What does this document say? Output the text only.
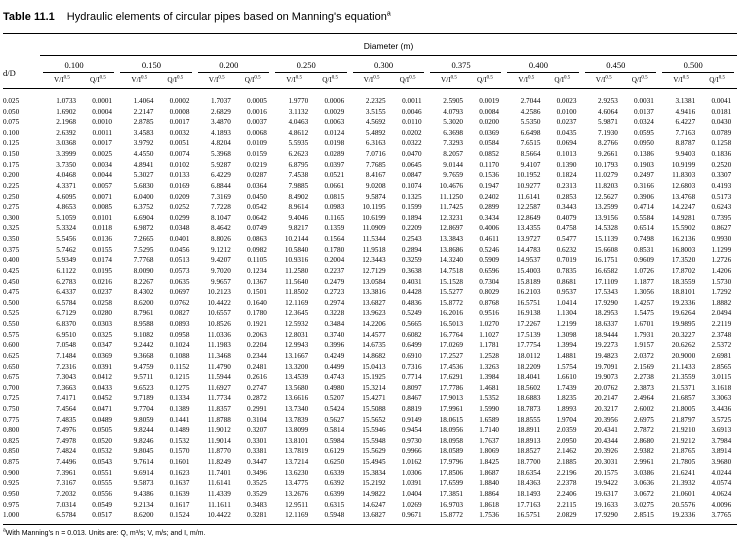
Table 11.1 Hydraulic elements of circular pipes based on Manning's equation$^a$
Diameter (m)
d/D
0.100
$V/I^{0.5}$	$Q/I^{0.5}$
0.150
$V/I^{0.5}$	$Q/I^{0.5}$
0.200
$V/I^{0.5}$	$Q/I^{0.5}$
0.250
$V/I^{0.5}$	$Q/I^{0.5}$
0.300
$V/I^{0.5}$	$Q/I^{0.5}$
0.375
$V/I^{0.5}$	$Q/I^{0.5}$
0.400
$V/I^{0.5}$	$Q/I^{0.5}$
0.450
$V/I^{0.5}$	$Q/I^{0.5}$
0.500
$V/I^{0.5}$	$Q/I^{0.5}$
0.025	1.0733 0.0001	1.4064 0.0002	1.7037 0.0005	1.9770 0.0006	2.2325 0.0011	2.5905 0.0019	2.7044 0.0023	2.9253 0.0031	3.1381 0.0041
0.050	1.6902 0.0004	2.2147 0.0008	2.6829 0.0016	3.1132 0.0029	3.5155 0.0046	4.0793 0.0084	4.2586 0.0100	4.6064 0.0137	4.9416 0.0181
0.075	2.1968 0.0010	2.8785 0.0017	3.4870 0.0037	4.0463 0.0063	4.5692 0.0110	5.3020 0.0200	5.5350 0.0237	5.9871 0.0324	6.4227 0.0430
0.100	2.6392 0.0011	3.4583 0.0032	4.1893 0.0068	4.8612 0.0124	5.4892 0.0202	6.3698 0.0369	6.6498 0.0435	7.1930 0.0595	7.7163 0.0789
0.125	3.0368 0.0017	3.9792 0.0051	4.8204 0.0109	5.5935 0.0198	6.3163 0.0322	7.3293 0.0584	7.6515 0.0694	8.2766 0.0950	8.8787 0.1258
0.150	3.3999 0.0025	4.4550 0.0074	5.3968 0.0159	6.2623 0.0289	7.0716 0.0470	8.2057 0.0852	8.5664 0.1013	9.2661 0.1386	9.9403 0.1836
0.175	3.7350 0.0034	4.8941 0.0102	5.9287 0.0219	6.8795 0.0397	7.7685 0.0645	9.0144 0.1170	9.4107 0.1390	10.1793 0.1903	10.9199 0.2520
0.200	4.0468 0.0044	5.3027 0.0133	6.4229 0.0287	7.4538 0.0521	8.4167 0.0847	9.7659 0.1536	10.1952 0.1824	11.0279 0.2497	11.8303 0.3307
0.225	4.3371 0.0057	5.6830 0.0169	6.8844 0.0364	7.9885 0.0661	9.0208 0.1074	10.4676 0.1947	10.9277 0.2313	11.8203 0.3166	12.6803 0.4193
0.250	4.6095 0.0071	6.0400 0.0209	7.3169 0.0450	8.4902 0.0815	9.5874 0.1325	11.1250 0.2402	11.6141 0.2853	12.5627 0.3906	13.4768 0.5173
0.275	4.8653 0.0085	6.3752 0.0252	7.7228 0.0542	8.9614 0.0983	10.1195 0.1599	11.7425 0.2899	12.2587 0.3443	13.2599 0.4714	14.2247 0.6243
0.300	5.1059 0.0101	6.6904 0.0299	8.1047 0.0642	9.4046 0.1165	10.6199 0.1894	12.3231 0.3434	12.8649 0.4079	13.9156 0.5584	14.9281 0.7395
0.325	5.3324 0.0118	6.9872 0.0348	8.4642 0.0749	9.8217 0.1359	11.0909 0.2209	12.8697 0.4006	13.4355 0.4758	14.5328 0.6514	15.5902 0.8627
0.350	5.5456 0.0136	7.2665 0.0401	8.8026 0.0863	10.2144 0.1564	11.5344 0.2543	13.3843 0.4611	13.9727 0.5477	15.1139 0.7498	16.2136 0.9930
0.375	5.7462 0.0155	7.5295 0.0456	9.1212 0.0982	10.5840 0.1780	11.9518 0.2894	13.8686 0.5246	14.4783 0.6232	15.6608 0.8531	16.8003 1.1299
0.400	5.9349 0.0174	7.7768 0.0513	9.4207 0.1105	10.9316 0.2004	12.3443 0.3259	14.3240 0.5909	14.9537 0.7019	16.1751 0.9609	17.3520 1.2726
0.425	6.1122 0.0195	8.0090 0.0573	9.7020 0.1234	11.2580 0.2237	12.7129 0.3638	14.7518 0.6596	15.4003 0.7835	16.6582 1.0726	17.8702 1.4206
0.450	6.2783 0.0216	8.2267 0.0635	9.9657 0.1367	11.5640 0.2479	13.0584 0.4031	15.1528 0.7304	15.8189 0.8681	17.1109 1.1877	18.3559 1.5730
0.475	6.4337 0.0237	8.4302 0.0697	10.2123 0.1501	11.8502 0.2723	13.3816 0.4428	15.5277 0.8029	16.2103 0.9537	17.5343 1.3056	18.8101 1.7292
0.500	6.5784 0.0258	8.6200 0.0762	10.4422 0.1640	12.1169 0.2974	13.6827 0.4836	15.8772 0.8768	16.5751 1.0414	17.9290 1.4257	19.2336 1.8882
0.525	6.7129 0.0280	8.7961 0.0827	10.6557 0.1780	12.3645 0.3228	13.9623 0.5249	16.2016 0.9516	16.9138 1.1304	18.2953 1.5475	19.6264 2.0494
0.550	6.8370 0.0303	8.9588 0.0893	10.8526 0.1921	12.5932 0.3484	14.2206 0.5665	16.5013 1.0270	17.2267 1.2199	18.6337 1.6701	19.9895 2.2119
0.575	6.9510 0.0325	9.1082 0.0958	11.0336 0.2063	12.8031 0.3740	14.4577 0.6082	16.7764 1.1027	17.5139 1.3098	18.9444 1.7931	20.3227 2.3748
0.600	7.0548 0.0347	9.2442 0.1024	11.1983 0.2204	12.9943 0.3996	14.6735 0.6499	17.0269 1.1781	17.7754 1.3994	19.2273 1.9157	20.6262 2.5372
0.625	7.1484 0.0369	9.3668 0.1088	11.3468 0.2344	13.1667 0.4249	14.8682 0.6910	17.2527 1.2528	18.0112 1.4881	19.4823 2.0372	20.9000 2.6981
0.650	7.2316 0.0391	9.4759 0.1152	11.4790 0.2481	13.3200 0.4499	15.0413 0.7316	17.4536 1.3263	18.2209 1.5754	19.7091 2.1569	21.1433 2.8565
0.675	7.3043 0.0412	9.5711 0.1215	11.5944 0.2616	13.4539 0.4743	15.1925 0.7714	17.6291 1.3984	18.4041 1.6610	19.9073 2.2738	21.3559 3.0115
0.700	7.3663 0.0433	9.6523 0.1275	11.6927 0.2747	13.5680 0.4980	15.3214 0.8097	17.7786 1.4681	18.5602 1.7439	20.0762 2.3873	21.5371 3.1618
0.725	7.4171 0.0452	9.7189 0.1334	11.7734 0.2872	13.6616 0.5207	15.4271 0.8467	17.9013 1.5352	18.6883 1.8235	20.2147 2.4964	21.6857 3.3063
0.750	7.4564 0.0471	9.7704 0.1389	11.8357 0.2991	13.7340 0.5424	15.5088 0.8819	17.9961 1.5990	18.7873 1.8993	20.3217 2.6002	21.8005 3.4436
0.775	7.4835 0.0489	9.8059 0.1441	11.8788 0.3104	13.7839 0.5627	15.5652 0.9149	18.0615 1.6589	18.8555 1.9704	20.3956 2.6975	21.8797 3.5725
0.800	7.4976 0.0505	9.8244 0.1489	11.9012 0.3207	13.8099 0.5814	15.5946 0.9454	18.0956 1.7140	18.8911 2.0359	20.4341 2.7872	21.9210 3.6913
0.825	7.4978 0.0520	9.8246 0.1532	11.9014 0.3301	13.8101 0.5984	15.5948 0.9730	18.0958 1.7637	18.8913 2.0950	20.4344 2.8680	21.9212 3.7984
0.850	7.4824 0.0532	9.8045 0.1570	11.8770 0.3381	13.7819 0.6129	15.5629 0.9966	18.0589 1.8069	18.8527 2.1462	20.3926 2.9382	21.8765 3.8914
0.875	7.4496 0.0543	9.7614 0.1601	11.8249 0.3447	13.7214 0.6250	15.4945 1.0162	17.9796 1.8425	18.7700 2.1885	20.3031 2.9961	21.7805 3.9680
0.900	7.3961 0.0551	9.6914 0.1623	11.7401 0.3496	13.6230 0.6339	15.3834 1.0306	17.8506 1.8687	18.6354 2.2196	20.1575 3.0386	21.6241 4.0244
0.925	7.3167 0.0555	9.5873 0.1637	11.6141 0.3525	13.4775 0.6392	15.2192 1.0391	17.6599 1.8840	18.4363 2.2378	19.9422 3.0636	21.3932 4.0574
0.950	7.2032 0.0556	9.4386 0.1639	11.4339 0.3529	13.2676 0.6399	14.9822 1.0404	17.3851 1.8864	18.1493 2.2406	19.6317 3.0672	21.0601 4.0624
0.975	7.0314 0.0549	9.2134 0.1617	11.1611 0.3483	12.9511 0.6315	14.6247 1.0269	16.9703 1.8618	17.7163 2.2115	19.1633 3.0275	20.5576 4.0096
1.000	6.5784 0.0517	8.6200 0.1524	10.4422 0.3281	12.1169 0.5948	13.6827 0.9671	15.8772 1.7536	16.5751 2.0829	17.9290 2.8515	19.2336 3.7765
$^a$With Manning's n = 0.013. Units are: Q, m³/s; V, m/s; and I, m/m.
